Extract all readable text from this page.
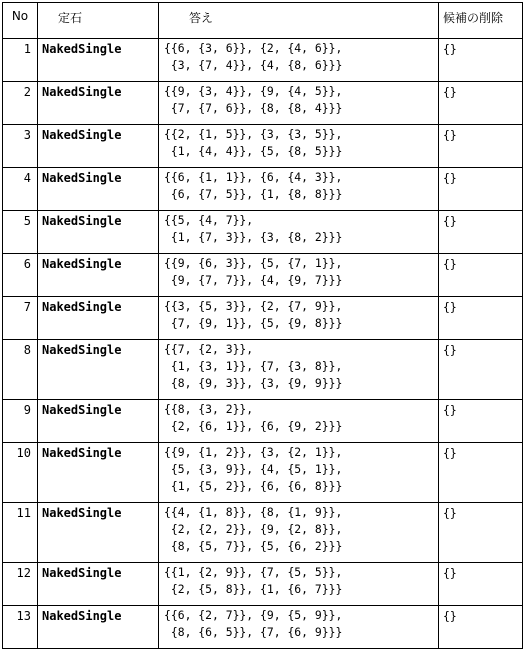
No	定石	答え	候補の削除
1	NakedSingle	{{6, {3, 6}}, {2, {4, 6}},
{3, {7, 4}}, {4, {8, 6}}}	{}
2	NakedSingle	{{9, {3, 4}}, {9, {4, 5}},
{7, {7, 6}}, {8, {8, 4}}}	{}
3	NakedSingle	{{2, {1, 5}}, {3, {3, 5}},
{1, {4, 4}}, {5, {8, 5}}}	{}
4	NakedSingle	{{6, {1, 1}}, {6, {4, 3}},
{6, {7, 5}}, {1, {8, 8}}}	{}
5	NakedSingle	{{5, {4, 7}},
{1, {7, 3}}, {3, {8, 2}}}	{}
6	NakedSingle	{{9, {6, 3}}, {5, {7, 1}},
{9, {7, 7}}, {4, {9, 7}}}	{}
7	NakedSingle	{{3, {5, 3}}, {2, {7, 9}},
{7, {9, 1}}, {5, {9, 8}}}	{}
8	NakedSingle	{{7, {2, 3}},
{1, {3, 1}}, {7, {3, 8}},
{8, {9, 3}}, {3, {9, 9}}}	{}
9	NakedSingle	{{8, {3, 2}},
{2, {6, 1}}, {6, {9, 2}}}	{}
10	NakedSingle	{{9, {1, 2}}, {3, {2, 1}},
{5, {3, 9}}, {4, {5, 1}},
{1, {5, 2}}, {6, {6, 8}}}	{}
11	NakedSingle	{{4, {1, 8}}, {8, {1, 9}},
{2, {2, 2}}, {9, {2, 8}},
{8, {5, 7}}, {5, {6, 2}}}	{}
12	NakedSingle	{{1, {2, 9}}, {7, {5, 5}},
{2, {5, 8}}, {1, {6, 7}}}	{}
13	NakedSingle	{{6, {2, 7}}, {9, {5, 9}},
{8, {6, 5}}, {7, {6, 9}}}	{}
